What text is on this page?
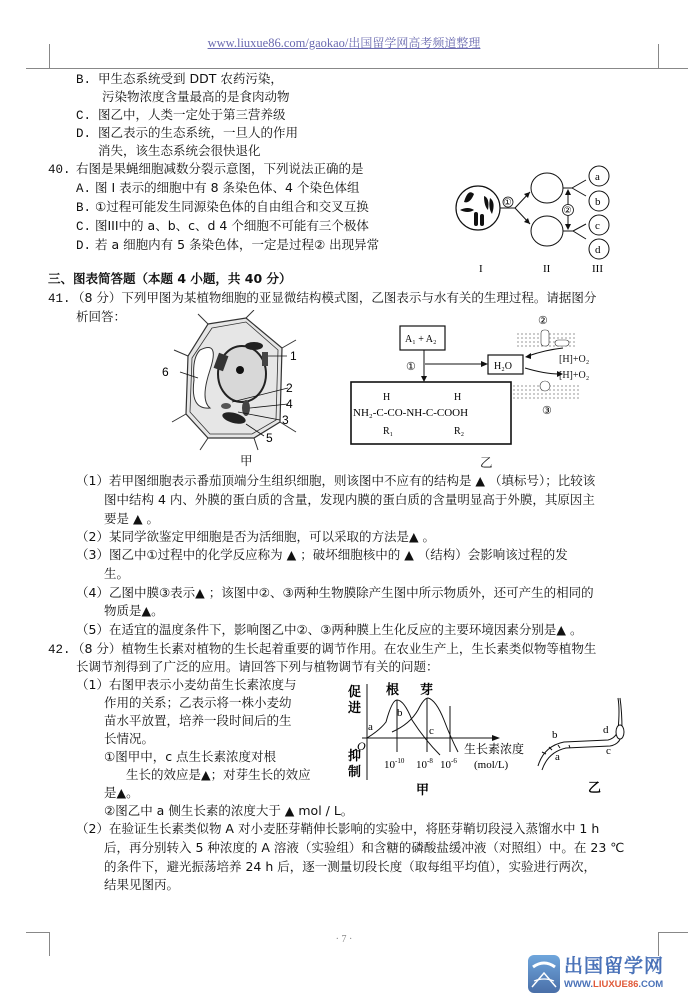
www.liuxue86.com/gaokao/出国留学网高考频道整理
B. 甲生态系统受到 DDT 农药污染，
污染物浓度含量最高的是食肉动物
C. 图乙中，人类一定处于第三营养级
D. 图乙表示的生态系统，一旦人的作用
消失，该生态系统会很快退化
40. 右图是果蝇细胞减数分裂示意图，下列说法正确的是
A. 图 I 表示的细胞中有 8 条染色体、4 个染色体组
B. ①过程可能发生同源染色体的自由组合和交叉互换
C. 图III中的 a、b、c、d 4 个细胞不可能有三个极体
D. 若 a 细胞内有 5 条染色体，一定是过程② 出现异常
①
②
a
b
c
d
I	II	III
三、图表简答题（本题 4 小题，共 40 分）
41. （8 分）下列甲图为某植物细胞的亚显微结构模式图，乙图表示与水有关的生理过程。请据图分
析回答：
1
2
4
3
5
6
甲
A₁ + A₂
①	H₂O
H	H
NH₂-C-CO-NH-C-COOH
R₁	R₂
②
[H]+O₂
[H]+O₂
③
乙
（1）若甲图细胞表示番茄顶端分生组织细胞，则该图中不应有的结构是 ▲ （填标号）；比较该
图中结构 4 内、外膜的蛋白质的含量，发现内膜的蛋白质的含量明显高于外膜，其原因主
要是 ▲ 。
（2）某同学欲鉴定甲细胞是否为活细胞，可以采取的方法是▲ 。
（3）图乙中①过程中的化学反应称为 ▲ ；破坏细胞核中的 ▲ （结构）会影响该过程的发
生。
（4）乙图中膜③表示▲ ；该图中②、③两种生物膜除产生图中所示物质外，还可产生的相同的
物质是▲。
（5）在适宜的温度条件下，影响图乙中②、③两种膜上生化反应的主要环境因素分别是▲ 。
42. （8 分）植物生长素对植物的生长起着重要的调节作用。在农业生产上，生长素类似物等植物生
长调节剂得到了广泛的应用。请回答下列与植物调节有关的问题：
（1）右图甲表示小麦幼苗生长素浓度与
作用的关系；乙表示将一株小麦幼
苗水平放置，培养一段时间后的生
长情况。
①图甲中，c 点生长素浓度对根
生长的效应是▲；对芽生长的效应
是▲。
②图乙中 a 侧生长素的浓度大于 ▲ mol / L。
促
进
抑
制
O
根 芽
a
b
c
生长素浓度
$10^{-10}$ $10^{-8}$ $10^{-6}$ (mol/L)
甲
b
a
d
c
乙
（2）在验证生长素类似物 A 对小麦胚芽鞘伸长影响的实验中，将胚芽鞘切段浸入蒸馏水中 1 h
后，再分别转入 5 种浓度的 A 溶液（实验组）和含糖的磷酸盐缓冲液（对照组）中。在 23 ℃
的条件下，避光振荡培养 24 h 后，逐一测量切段长度（取每组平均值），实验进行两次，
结果见图丙。
· 7 ·
出国留学网
WWW.LIUXUE86.COM
